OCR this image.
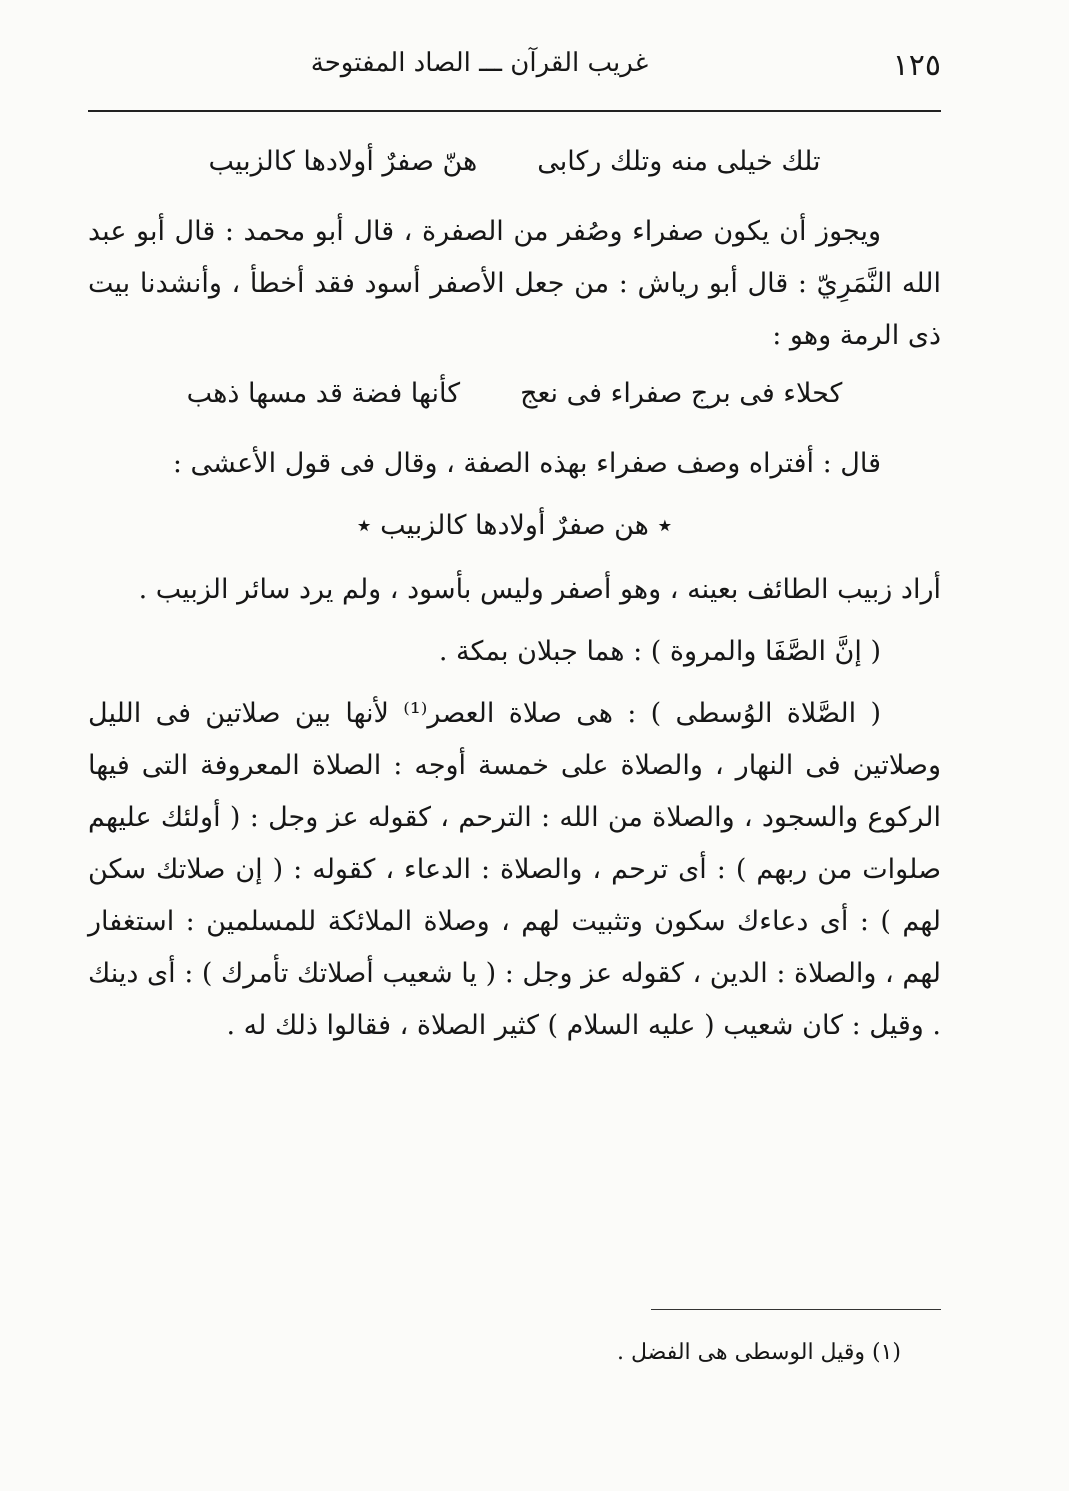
غريب القرآن ـــ الصاد المفتوحة	١٢٥
تلك خيلى منه وتلك ركابى
هنّ صفرٌ أولادها كالزبيب

ويجوز أن يكون صفراء وصُفر من الصفرة ، قال أبو محمد : قال أبو عبد الله النَّمَرِيّ : قال أبو رياش : من جعل الأصفر أسود فقد أخطأ ، وأنشدنا بيت ذى الرمة وهو :

كحلاء فى برج صفراء فى نعج
كأنها فضة قد مسها ذهب

قال : أفتراه وصف صفراء بهذه الصفة ، وقال فى قول الأعشى :

٭ هن صفرٌ أولادها كالزبيب ٭

أراد زبيب الطائف بعينه ، وهو أصفر وليس بأسود ، ولم يرد سائر الزبيب .

( إنَّ الصَّفَا والمروة ) : هما جبلان بمكة .

( الصَّلاة الوُسطى ) : هى صلاة العصر⁽¹⁾ لأنها بين صلاتين فى الليل وصلاتين فى النهار ، والصلاة على خمسة أوجه : الصلاة المعروفة التى فيها الركوع والسجود ، والصلاة من الله : الترحم ، كقوله عز وجل : ( أولئك عليهم صلوات من ربهم ) : أى ترحم ، والصلاة : الدعاء ، كقوله : ( إن صلاتك سكن لهم ) : أى دعاءك سكون وتثبيت لهم ، وصلاة الملائكة للمسلمين : استغفار لهم ، والصلاة : الدين ، كقوله عز وجل : ( يا شعيب أصلاتك تأمرك ) : أى دينك . وقيل : كان شعيب ( عليه السلام ) كثير الصلاة ، فقالوا ذلك له .

(١) وقيل الوسطى هى الفضل .
